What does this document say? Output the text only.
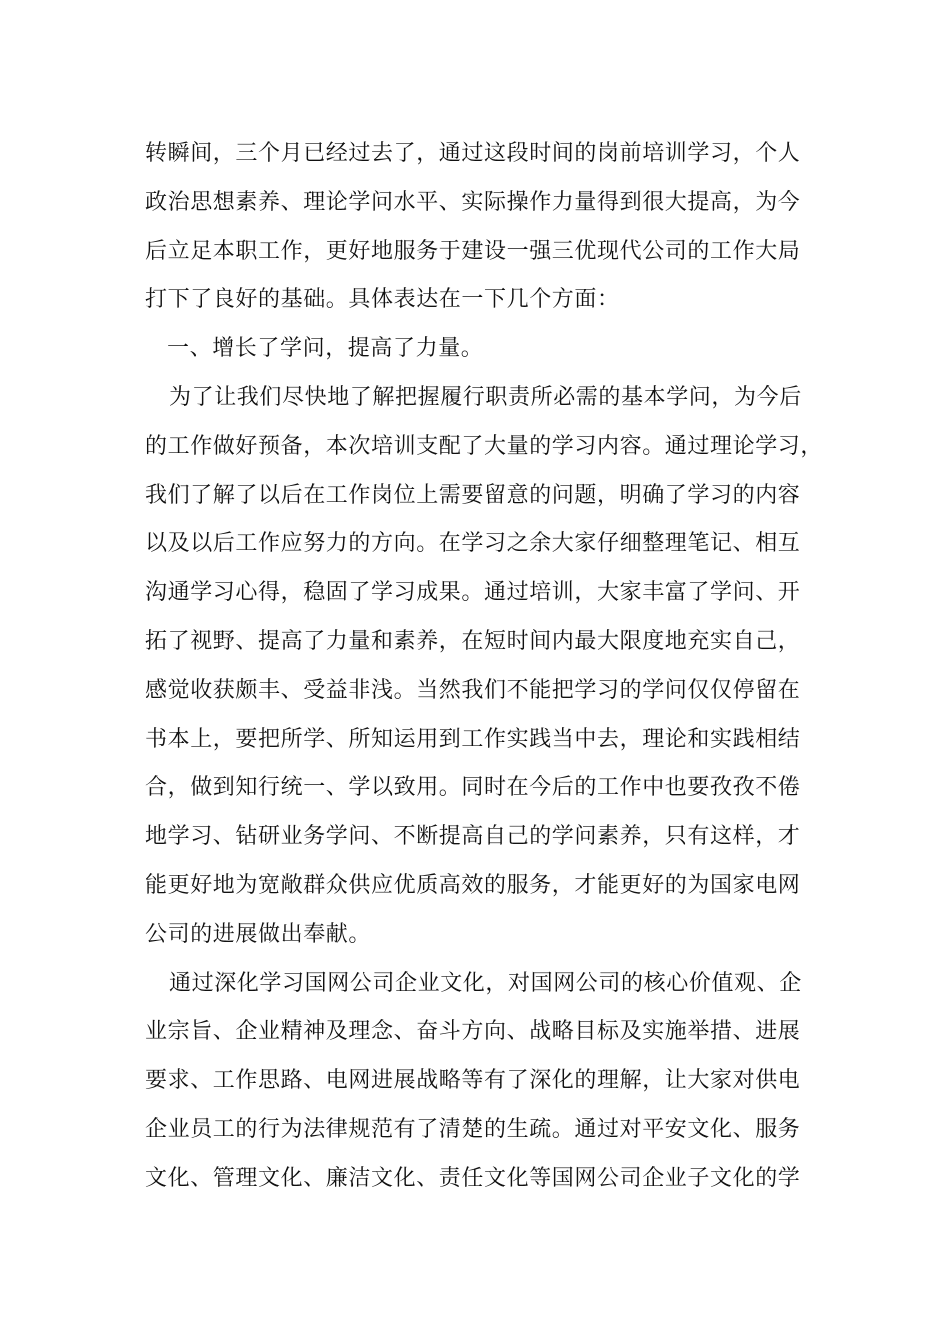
转瞬间，三个月已经过去了，通过这段时间的岗前培训学习，个人
政治思想素养、理论学问水平、实际操作力量得到很大提高，为今
后立足本职工作，更好地服务于建设一强三优现代公司的工作大局
打下了良好的基础。具体表达在一下几个方面：
一、增长了学问，提高了力量。
为了让我们尽快地了解把握履行职责所必需的基本学问，为今后
的工作做好预备，本次培训支配了大量的学习内容。通过理论学习，
我们了解了以后在工作岗位上需要留意的问题，明确了学习的内容
以及以后工作应努力的方向。在学习之余大家仔细整理笔记、相互
沟通学习心得，稳固了学习成果。通过培训，大家丰富了学问、开
拓了视野、提高了力量和素养，在短时间内最大限度地充实自己，
感觉收获颇丰、受益非浅。当然我们不能把学习的学问仅仅停留在
书本上，要把所学、所知运用到工作实践当中去，理论和实践相结
合，做到知行统一、学以致用。同时在今后的工作中也要孜孜不倦
地学习、钻研业务学问、不断提高自己的学问素养，只有这样，才
能更好地为宽敞群众供应优质高效的服务，才能更好的为国家电网
公司的进展做出奉献。
通过深化学习国网公司企业文化，对国网公司的核心价值观、企
业宗旨、企业精神及理念、奋斗方向、战略目标及实施举措、进展
要求、工作思路、电网进展战略等有了深化的理解，让大家对供电
企业员工的行为法律规范有了清楚的生疏。通过对平安文化、服务
文化、管理文化、廉洁文化、责任文化等国网公司企业子文化的学
